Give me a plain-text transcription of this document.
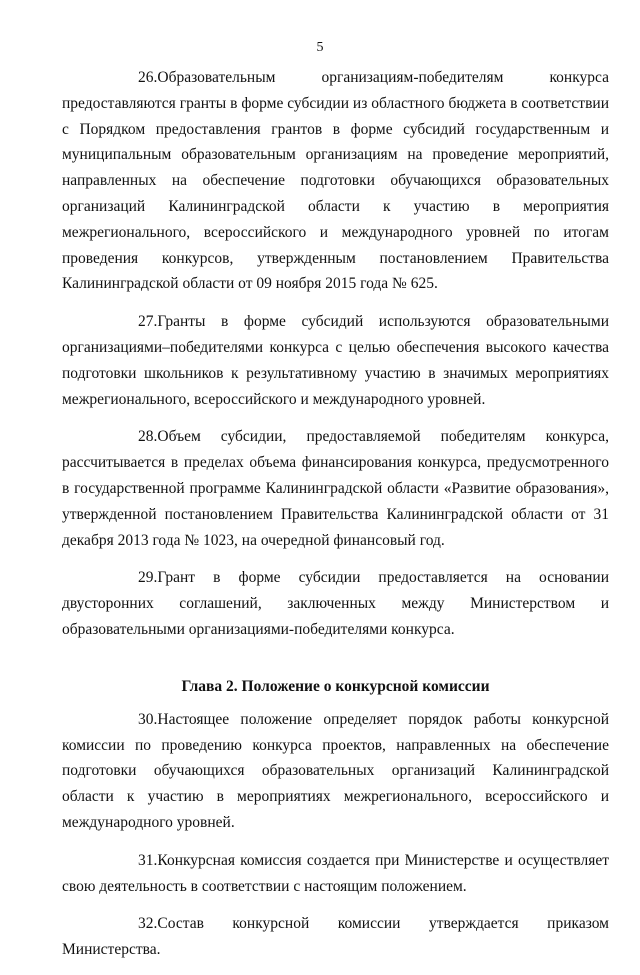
5

26.Образовательным организациям-победителям конкурса предоставляются гранты в форме субсидии из областного бюджета в соответствии с Порядком предоставления грантов в форме субсидий государственным и муниципальным образовательным организациям на проведение мероприятий, направленных на обеспечение подготовки обучающихся образовательных организаций Калининградской области к участию в мероприятия межрегионального, всероссийского и международного уровней по итогам проведения конкурсов, утвержденным постановлением Правительства Калининградской области от 09 ноября 2015 года № 625.

27.Гранты в форме субсидий используются образовательными организациями–победителями конкурса с целью обеспечения высокого качества подготовки школьников к результативному участию в значимых мероприятиях межрегионального, всероссийского и международного уровней.

28.Объем субсидии, предоставляемой победителям конкурса, рассчитывается в пределах объема финансирования конкурса, предусмотренного в государственной программе Калининградской области «Развитие образования», утвержденной постановлением Правительства Калининградской области от 31 декабря 2013 года № 1023, на очередной финансовый год.

29.Грант в форме субсидии предоставляется на основании двусторонних соглашений, заключенных между Министерством и образовательными организациями-победителями конкурса.

Глава 2. Положение о конкурсной комиссии

30.Настоящее положение определяет порядок работы конкурсной комиссии по проведению конкурса проектов, направленных на обеспечение подготовки обучающихся образовательных организаций Калининградской области к участию в мероприятиях межрегионального, всероссийского и международного уровней.

31.Конкурсная комиссия создается при Министерстве и осуществляет свою деятельность в соответствии с настоящим положением.

32.Состав конкурсной комиссии утверждается приказом Министерства.
